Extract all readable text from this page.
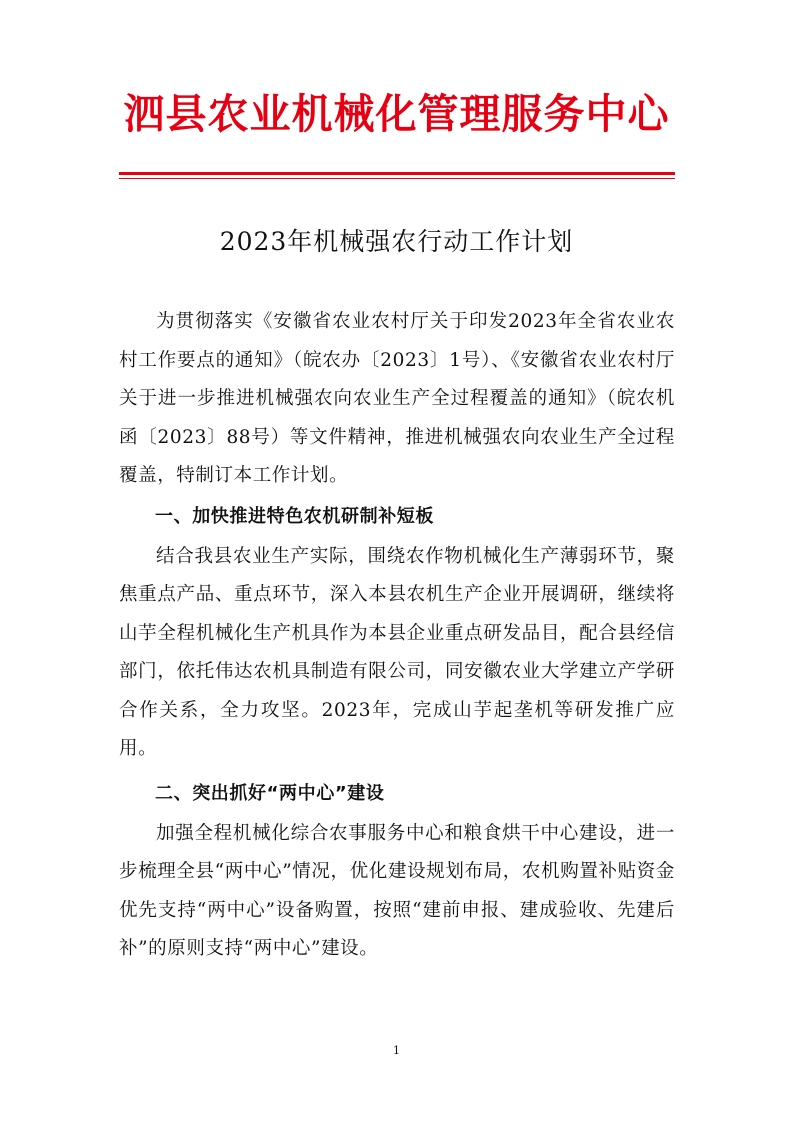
泗县农业机械化管理服务中心
2023年机械强农行动工作计划

为贯彻落实《安徽省农业农村厅关于印发2023年全省农业农村工作要点的通知》（皖农办〔2023〕1号）、《安徽省农业农村厅关于进一步推进机械强农向农业生产全过程覆盖的通知》（皖农机函〔2023〕88号）等文件精神，推进机械强农向农业生产全过程覆盖，特制订本工作计划。

一、加快推进特色农机研制补短板

结合我县农业生产实际，围绕农作物机械化生产薄弱环节，聚焦重点产品、重点环节，深入本县农机生产企业开展调研，继续将山芋全程机械化生产机具作为本县企业重点研发品目，配合县经信部门，依托伟达农机具制造有限公司，同安徽农业大学建立产学研合作关系，全力攻坚。2023年，完成山芋起垄机等研发推广应用。

二、突出抓好“两中心”建设

加强全程机械化综合农事服务中心和粮食烘干中心建设，进一步梳理全县“两中心”情况，优化建设规划布局，农机购置补贴资金优先支持“两中心”设备购置，按照“建前申报、建成验收、先建后补”的原则支持“两中心”建设。

1
